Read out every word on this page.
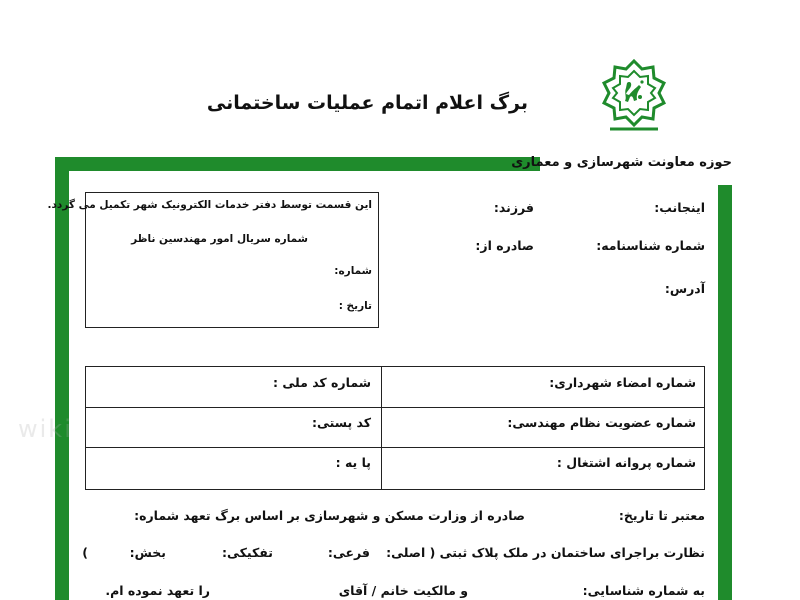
برگ اعلام اتمام عملیات ساختمانی
حوزه معاونت شهرسازی و معماری
اینجانب:
فرزند:
شماره شناسنامه:
صادره از:
آدرس:
این قسمت توسط دفتر خدمات الکترونیک شهر تکمیل می گردد.
شماره سریال امور مهندسین ناظر
شماره:
تاریخ :
شماره امضاء شهرداری:
شماره کد ملی :
شماره عضویت نظام مهندسی:
کد پستی:
شماره پروانه اشتغال :
پا یه :
wiki
معتبر تا تاریخ:
صادره از وزارت مسکن و شهرسازی بر اساس برگ تعهد شماره:
نظارت براجرای ساختمان در ملک پلاک ثبتی ( اصلی:
فرعی:
تفکیکی:
بخش:
)
به شماره شناسایی:
و مالکیت خانم / آقای
را تعهد نموده ام.
